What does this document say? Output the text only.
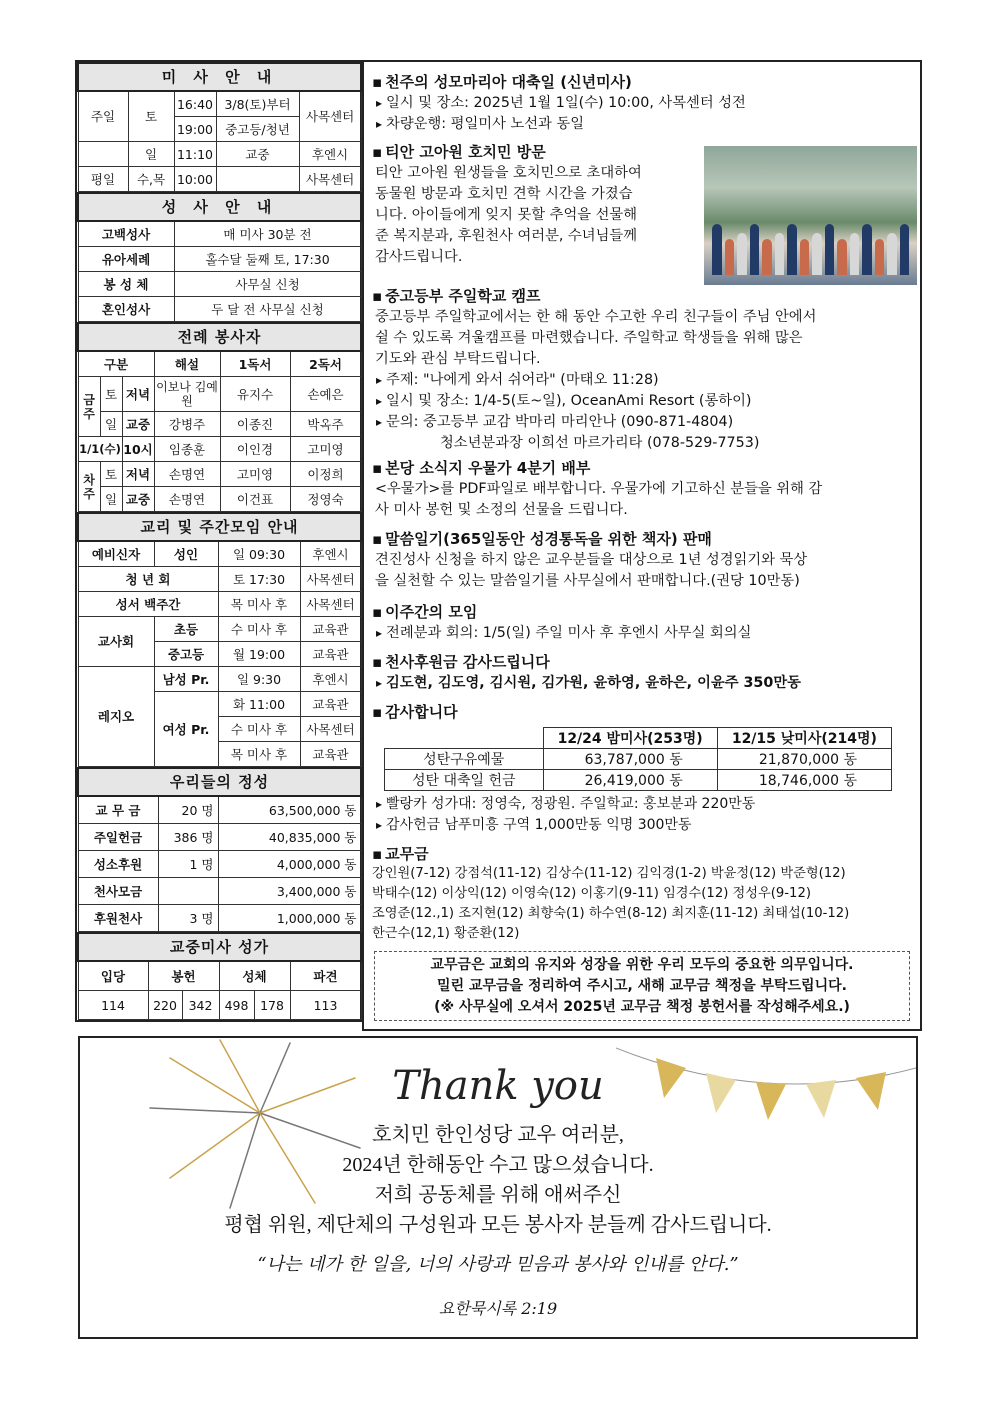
미 사 안 내				
주일	토	16:40	3/8(토)부터	사목센터
		19:00	중고등/청년	
	일	11:10	교중	후엔시
평일	수,목	10:00		사목센터
성 사 안 내	
고백성사	매 미사 30분 전
유아세례	홀수달 둘째 토, 17:30
봉 성 체	사무실 신청
혼인성사	두 달 전 사무실 신청
전례 봉사자					
구분			해설	1독서	2독서
금주	토	저녁	이보나 김예원	유지수	손예은
	일	교중	강병주	이종진	박옥주
1/1(수)		10시	임종훈	이인경	고미영
차주	토	저녁	손명연	고미영	이정희
	일	교중	손명연	이건표	정영숙
교리 및 주간모임 안내			
예비신자	성인	일 09:30	후엔시
청 년 회		토 17:30	사목센터
성서 백주간		목 미사 후	사목센터
교사회	초등	수 미사 후	교육관
	중고등	월 19:00	교육관
레지오	남성 Pr.	일 9:30	후엔시
	여성 Pr.	화 11:00	교육관
		수 미사 후	사목센터
		목 미사 후	교육관
우리들의 정성		
교 무 금	20 명	63,500,000 동
주일헌금	386 명	40,835,000 동
성소후원	1 명	4,000,000 동
천사모금		3,400,000 동
후원천사	3 명	1,000,000 동
교중미사 성가					
입당	봉헌		성체		파견
114	220	342	498	178	113
▪ 천주의 성모마리아 대축일 (신년미사)
▸ 일시 및 장소: 2025년 1월 1일(수) 10:00, 사목센터 성전
▸ 차량운행: 평일미사 노선과 동일
▪ 티안 고아원 호치민 방문
티안 고아원 원생들을 호치민으로 초대하여
동물원 방문과 호치민 견학 시간을 가졌습
니다. 아이들에게 잊지 못할 추억을 선물해
준 복지분과, 후원천사 여러분, 수녀님들께
감사드립니다.
▪ 중고등부 주일학교 캠프
중고등부 주일학교에서는 한 해 동안 수고한 우리 친구들이 주님 안에서
쉴 수 있도록 겨울캠프를 마련했습니다. 주일학교 학생들을 위해 많은
기도와 관심 부탁드립니다.
▸ 주제: "나에게 와서 쉬어라" (마태오 11:28)
▸ 일시 및 장소: 1/4-5(토~일), OceanAmi Resort (롱하이)
▸ 문의: 중고등부 교감 박마리 마리안나 (090-871-4804)
청소년분과장 이희선 마르가리타 (078-529-7753)
▪ 본당 소식지 우물가 4분기 배부
<우물가>를 PDF파일로 배부합니다. 우물가에 기고하신 분들을 위해 감
사 미사 봉헌 및 소정의 선물을 드립니다.
▪ 말씀일기(365일동안 성경통독을 위한 책자) 판매
견진성사 신청을 하지 않은 교우분들을 대상으로 1년 성경읽기와 묵상
을 실천할 수 있는 말씀일기를 사무실에서 판매합니다.(권당 10만동)
▪ 이주간의 모임
▸ 전례분과 회의: 1/5(일) 주일 미사 후 후엔시 사무실 회의실
▪ 천사후원금 감사드립니다
▸ 김도현, 김도영, 김시원, 김가원, 윤하영, 윤하은, 이윤주 350만동
▪ 감사합니다
	12/24 밤미사(253명)	12/15 낮미사(214명)
성탄구유예물	63,787,000 동	21,870,000 동
성탄 대축일 헌금	26,419,000 동	18,746,000 동
▸ 빨랑카 성가대: 정영숙, 정광원. 주일학교: 홍보분과 220만동
▸ 감사헌금 남푸미흥 구역 1,000만동 익명 300만동
▪ 교무금
강인원(7-12) 강점석(11-12) 김상수(11-12) 김익경(1-2) 박윤정(12) 박준형(12)
박태수(12) 이상익(12) 이영숙(12) 이홍기(9-11) 임경수(12) 정성우(9-12)
조영준(12.,1) 조지현(12) 최향숙(1) 하수연(8-12) 최지훈(11-12) 최태섭(10-12)
한근수(12,1) 황준환(12)
교무금은 교회의 유지와 성장을 위한 우리 모두의 중요한 의무입니다.
밀린 교무금을 정리하여 주시고, 새해 교무금 책정을 부탁드립니다.
(※ 사무실에 오셔서 2025년 교무금 책정 봉헌서를 작성해주세요.)
Thank you
호치민 한인성당 교우 여러분,
2024년 한해동안 수고 많으셨습니다.
저희 공동체를 위해 애써주신
평협 위원, 제단체의 구성원과 모든 봉사자 분들께 감사드립니다.
“나는 네가 한 일을, 너의 사랑과 믿음과 봉사와 인내를 안다.”
요한묵시록 2:19
